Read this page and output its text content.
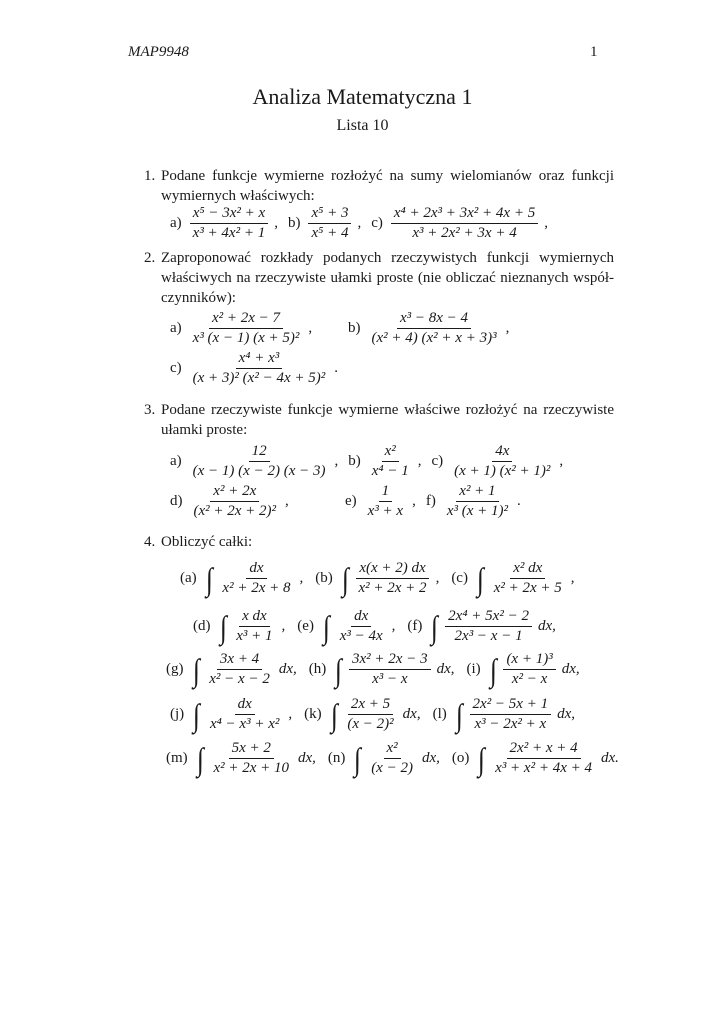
MAP9948	1
Analiza Matematyczna 1
Lista 10
1. Podane funkcje wymierne rozłożyć na sumy wielomianów oraz funkcji wymiernych właściwych:
$a) \frac{\text{x⁵ − 3x² + x}}{\text{x³ + 4x² + 1}}$ , $b) \frac{\text{x⁵ + 3}}{\text{x⁵ + 4}}$ , $c) \frac{\text{x⁴ + 2x³ + 3x² + 4x + 5}}{\text{x³ + 2x² + 3x + 4}}$ ,
2. Zaproponować rozkłady podanych rzeczywistych funkcji wymiernych właściwych na rzeczywiste ułamki proste (nie obliczać nieznanych współ-czynników):
$a) \frac{\text{x² + 2x − 7}}{\text{x³ (x − 1) (x + 5)²}}$ , $b) \frac{\text{x³ − 8x − 4}}{\text{(x² + 4) (x² + x + 3)³}}$ ,
$c) \frac{\text{x⁴ + x³}}{\text{(x + 3)² (x² − 4x + 5)²}}$ .
3. Podane rzeczywiste funkcje wymierne właściwe rozłożyć na rzeczywiste ułamki proste:
$a) \frac{12}{(x - 1) (x - 2) (x - 3)}$ , $b) \frac{\text{x²}}{\text{x⁴ − 1}}$ , $c) \frac{4x}{\text{(x + 1) (x² + 1)²}}$ ,
$d) \frac{\text{x² + 2x}}{\text{(x² + 2x + 2)²}}$ ,	$e) \frac{1}{\text{x³ + x}}$ , $f) \frac{\text{x² + 1}}{\text{x³ (x + 1)²}}$ .
4. Obliczyć całki:
(a) ∫ $\frac{dx}{\text{x² + 2x + 8}}$ , (b) ∫ $\frac{x(x + 2) dx}{\text{x² + 2x + 2}}$ , (c) ∫ $\frac{\text{x² dx}}{\text{x² + 2x + 5}}$ ,
(d) ∫ $\frac{\text{x dx}}{\text{x³ + 1}}$ , (e) ∫ $\frac{dx}{\text{x³ − 4x}}$ , (f) ∫ $\frac{\text{2x⁴ + 5x² − 2}}{\text{2x³ − x − 1}}$ dx,
(g) ∫ $\frac{3x + 4}{\text{x² − x − 2}}$ dx, (h) ∫ $\frac{\text{3x² + 2x − 3}}{\text{x³ − x}}$ dx, (i) ∫ $\frac{\text{(x + 1)³}}{\text{x² − x}}$ dx,
(j) ∫ $\frac{dx}{\text{x⁴ − x³ + x²}}$ , (k) ∫ $\frac{2x + 5}{\text{(x − 2)²}}$ dx, (l) ∫ $\frac{\text{2x² − 5x + 1}}{\text{x³ − 2x² + x}}$ dx,
(m) ∫ $\frac{5x + 2}{\text{x² + 2x + 10}}$ dx, (n) ∫ $\frac{\text{x²}}{(x - 2)}$ dx, (o) ∫ $\frac{\text{2x² + x + 4}}{\text{x³ + x² + 4x + 4}}$ dx.
